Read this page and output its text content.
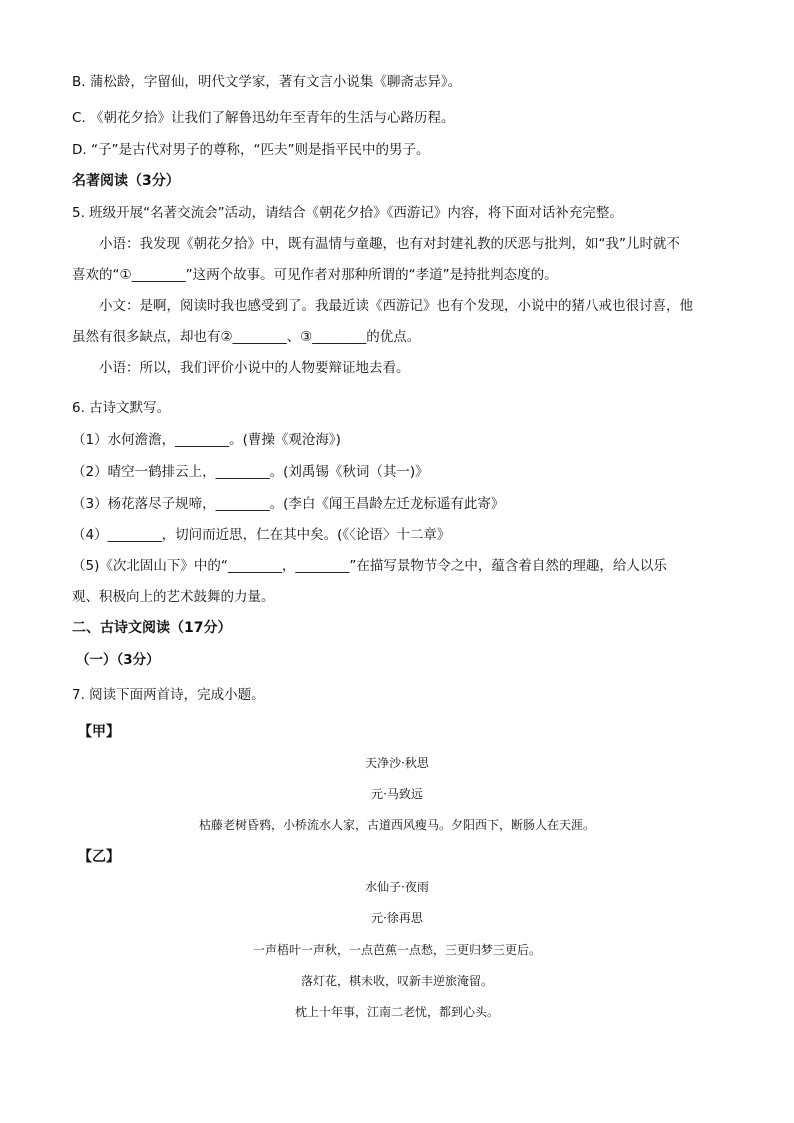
B. 蒲松龄，字留仙，明代文学家，著有文言小说集《聊斋志异》。
C. 《朝花夕拾》让我们了解鲁迅幼年至青年的生活与心路历程。
D. “子”是古代对男子的尊称，“匹夫”则是指平民中的男子。
名著阅读（3分）
5. 班级开展“名著交流会”活动，请结合《朝花夕拾》《西游记》内容，将下面对话补充完整。
小语：我发现《朝花夕拾》中，既有温情与童趣，也有对封建礼教的厌恶与批判，如“我”儿时就不
喜欢的“①________”这两个故事。可见作者对那种所谓的“孝道”是持批判态度的。
小文：是啊，阅读时我也感受到了。我最近读《西游记》也有个发现，小说中的猪八戒也很讨喜，他
虽然有很多缺点，却也有②________、③________的优点。
小语：所以，我们评价小说中的人物要辩证地去看。
6. 古诗文默写。
（1）水何澹澹，________。(曹操《观沧海》)
（2）晴空一鹤排云上，________。(刘禹锡《秋词（其一)》
（3）杨花落尽子规啼，________。(李白《闻王昌龄左迁龙标遥有此寄》
（4）________，切问而近思，仁在其中矣。(《〈论语〉十二章》
（5)《次北固山下》中的“________，________”在描写景物节令之中，蕴含着自然的理趣，给人以乐
观、积极向上的艺术鼓舞的力量。
二、古诗文阅读（17分）
（一）（3分）
7. 阅读下面两首诗，完成小题。
【甲】
天净沙·秋思
元·马致远
枯藤老树昏鸦，小桥流水人家，古道西风瘦马。夕阳西下，断肠人在天涯。
【乙】
水仙子·夜雨
元·徐再思
一声梧叶一声秋，一点芭蕉一点愁，三更归梦三更后。
落灯花，棋未收，叹新丰逆旅淹留。
枕上十年事，江南二老忧，都到心头。
